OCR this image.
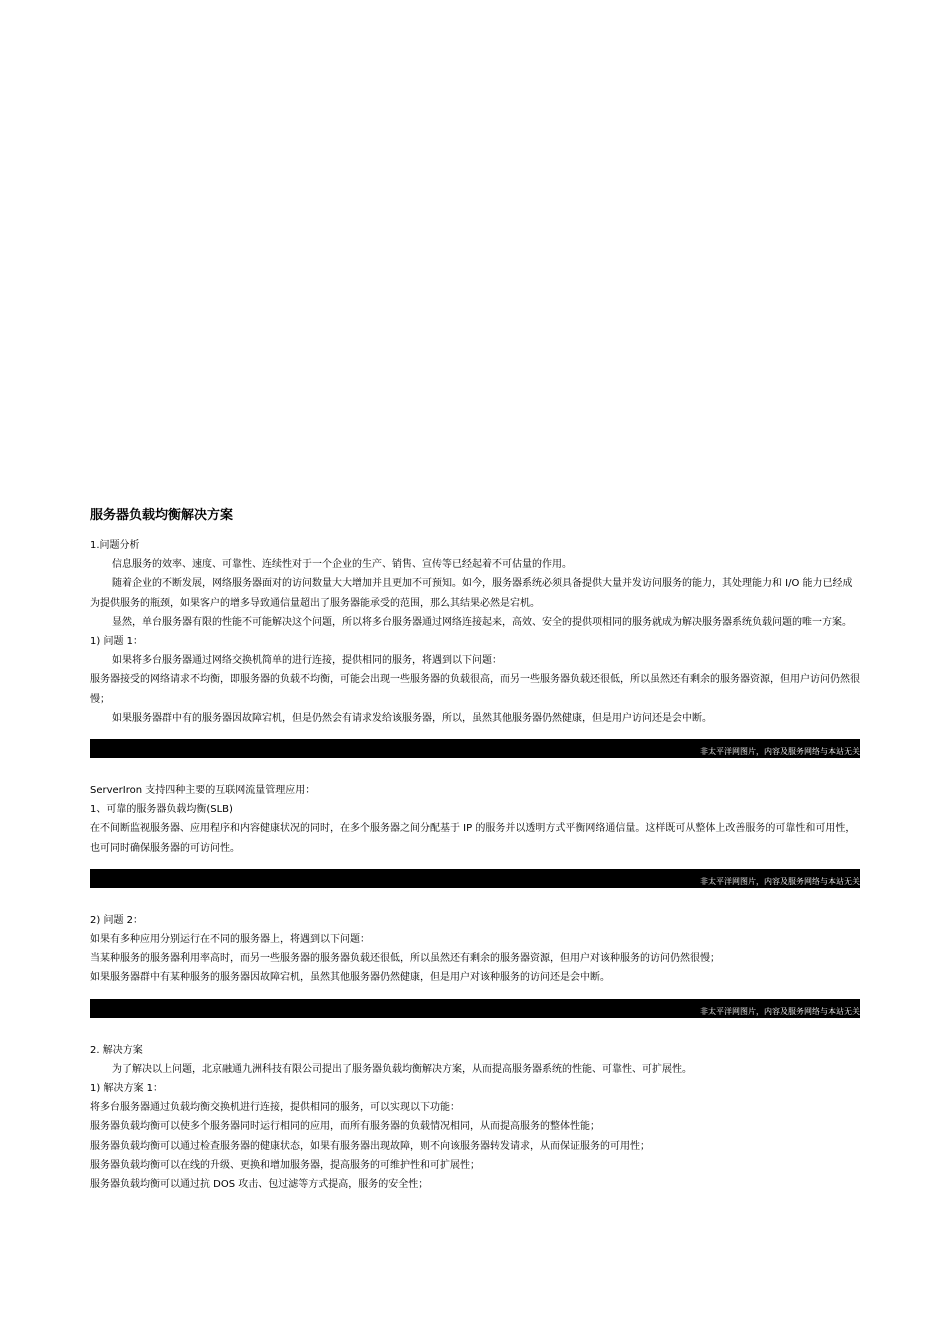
服务器负载均衡解决方案

1.问题分析

信息服务的效率、速度、可靠性、连续性对于一个企业的生产、销售、宣传等已经起着不可估量的作用。

随着企业的不断发展，网络服务器面对的访问数量大大增加并且更加不可预知。如今，服务器系统必须具备提供大量并发访问服务的能力，其处理能力和 I/O 能力已经成为提供服务的瓶颈，如果客户的增多导致通信量超出了服务器能承受的范围，那么其结果必然是宕机。

显然，单台服务器有限的性能不可能解决这个问题，所以将多台服务器通过网络连接起来，高效、安全的提供项相同的服务就成为解决服务器系统负载问题的唯一方案。

1) 问题 1：

如果将多台服务器通过网络交换机简单的进行连接，提供相同的服务，将遇到以下问题：

服务器接受的网络请求不均衡，即服务器的负载不均衡，可能会出现一些服务器的负载很高，而另一些服务器负载还很低，所以虽然还有剩余的服务器资源，但用户访问仍然很慢；

如果服务器群中有的服务器因故障宕机，但是仍然会有请求发给该服务器，所以，虽然其他服务器仍然健康，但是用户访问还是会中断。

非太平洋网图片，内容及服务网络与本站无关

ServerIron 支持四种主要的互联网流量管理应用：

1、可靠的服务器负载均衡(SLB)

在不间断监视服务器、应用程序和内容健康状况的同时，在多个服务器之间分配基于 IP 的服务并以透明方式平衡网络通信量。这样既可从整体上改善服务的可靠性和可用性，也可同时确保服务器的可访问性。

非太平洋网图片，内容及服务网络与本站无关

2) 问题 2：

如果有多种应用分别运行在不同的服务器上，将遇到以下问题：

当某种服务的服务器利用率高时，而另一些服务器的服务器负载还很低，所以虽然还有剩余的服务器资源，但用户对该种服务的访问仍然很慢；

如果服务器群中有某种服务的服务器因故障宕机，虽然其他服务器仍然健康，但是用户对该种服务的访问还是会中断。

非太平洋网图片，内容及服务网络与本站无关

2. 解决方案

为了解决以上问题，北京融通九洲科技有限公司提出了服务器负载均衡解决方案，从而提高服务器系统的性能、可靠性、可扩展性。

1) 解决方案 1：

将多台服务器通过负载均衡交换机进行连接，提供相同的服务，可以实现以下功能：

服务器负载均衡可以使多个服务器同时运行相同的应用，而所有服务器的负载情况相同，从而提高服务的整体性能；

服务器负载均衡可以通过检查服务器的健康状态，如果有服务器出现故障，则不向该服务器转发请求，从而保证服务的可用性；

服务器负载均衡可以在线的升级、更换和增加服务器，提高服务的可维护性和可扩展性；

服务器负载均衡可以通过抗 DOS 攻击、包过滤等方式提高，服务的安全性；
